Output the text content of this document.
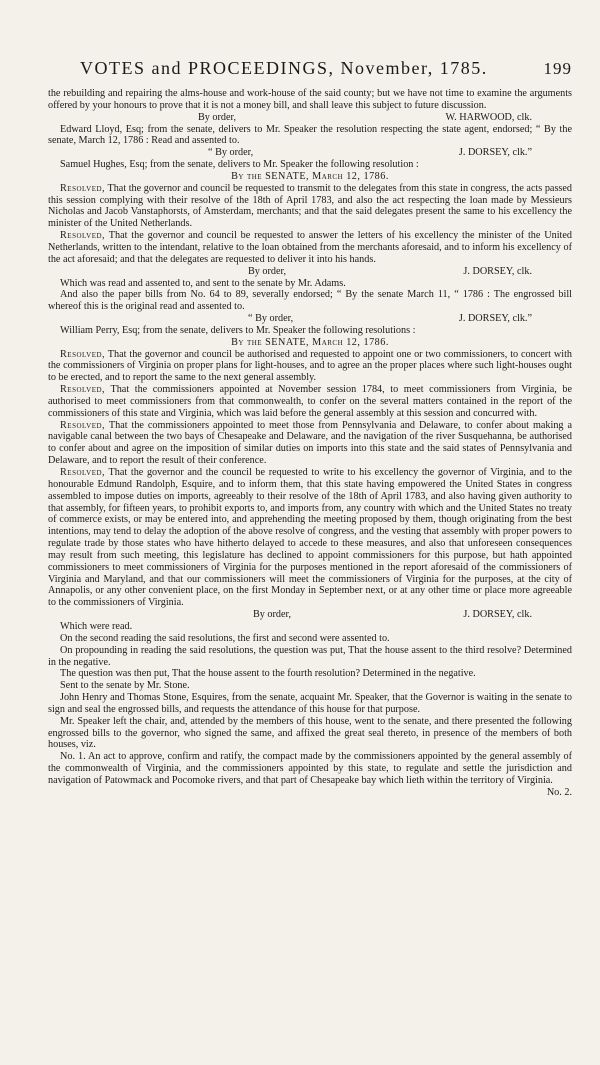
VOTES and PROCEEDINGS, November, 1785.	199

the rebuilding and repairing the alms-house and work-house of the said county; but we have not time to examine the arguments offered by your honours to prove that it is not a money bill, and shall leave this subject to future discussion.

By order,	W. HARWOOD, clk.

Edward Lloyd, Esq; from the senate, delivers to Mr. Speaker the resolution respecting the state agent, endorsed; “ By the senate, March 12, 1786 : Read and assented to.

“ By order,	J. DORSEY, clk.”

Samuel Hughes, Esq; from the senate, delivers to Mr. Speaker the following resolution :

By the SENATE, March 12, 1786.

Resolved, That the governor and council be requested to transmit to the delegates from this state in congress, the acts passed this session complying with their resolve of the 18th of April 1783, and also the act respecting the loan made by Messieurs Nicholas and Jacob Vanstaphorsts, of Amsterdam, merchants; and that the said delegates present the same to his excellency the minister of the United Netherlands.

Resolved, That the governor and council be requested to answer the letters of his excellency the minister of the United Netherlands, written to the intendant, relative to the loan obtained from the merchants aforesaid, and to inform his excellency of the act aforesaid; and that the delegates are requested to deliver it into his hands.

By order,	J. DORSEY, clk.

Which was read and assented to, and sent to the senate by Mr. Adams.

And also the paper bills from No. 64 to 89, severally endorsed; “ By the senate March 11, “ 1786 : The engrossed bill whereof this is the original read and assented to.

“ By order,	J. DORSEY, clk.”

William Perry, Esq; from the senate, delivers to Mr. Speaker the following resolutions :

By the SENATE, March 12, 1786.

Resolved, That the governor and council be authorised and requested to appoint one or two commissioners, to concert with the commissioners of Virginia on proper plans for light-houses, and to agree an the proper places where such light-houses ought to be erected, and to report the same to the next general assembly.

Resolved, That the commissioners appointed at November session 1784, to meet commissioners from Virginia, be authorised to meet commissioners from that commonwealth, to confer on the several matters contained in the report of the commissioners of this state and Virginia, which was laid before the general assembly at this session and concurred with.

Resolved, That the commissioners appointed to meet those from Pennsylvania and Delaware, to confer about making a navigable canal between the two bays of Chesapeake and Delaware, and the navigation of the river Susquehanna, be authorised to confer about and agree on the imposition of similar duties on imports into this state and the said states of Pennsylvania and Delaware, and to report the result of their conference.

Resolved, That the governor and the council be requested to write to his excellency the governor of Virginia, and to the honourable Edmund Randolph, Esquire, and to inform them, that this state having empowered the United States in congress assembled to impose duties on imports, agreeably to their resolve of the 18th of April 1783, and also having given authority to that assembly, for fifteen years, to prohibit exports to, and imports from, any country with which and the United States no treaty of commerce exists, or may be entered into, and apprehending the meeting proposed by them, though originating from the best intentions, may tend to delay the adoption of the above resolve of congress, and the vesting that assembly with proper powers to regulate trade by those states who have hitherto delayed to accede to these measures, and also that unforeseen consequences may result from such meeting, this legislature has declined to appoint commissioners for this purpose, but hath appointed commissioners to meet commissioners of Virginia for the purposes mentioned in the report aforesaid of the commissioners of Virginia and Maryland, and that our commissioners will meet the commissioners of Virginia for the purposes, at the city of Annapolis, or any other convenient place, on the first Monday in September next, or at any other time or place more agreeable to the commissioners of Virginia.

By order,	J. DORSEY, clk.

Which were read.

On the second reading the said resolutions, the first and second were assented to.

On propounding in reading the said resolutions, the question was put, That the house assent to the third resolve? Determined in the negative.

The question was then put, That the house assent to the fourth resolution? Determined in the negative.

Sent to the senate by Mr. Stone.

John Henry and Thomas Stone, Esquires, from the senate, acquaint Mr. Speaker, that the Governor is waiting in the senate to sign and seal the engrossed bills, and requests the attendance of this house for that purpose.

Mr. Speaker left the chair, and, attended by the members of this house, went to the senate, and there presented the following engrossed bills to the governor, who signed the same, and affixed the great seal thereto, in presence of the members of both houses, viz.

No. 1. An act to approve, confirm and ratify, the compact made by the commissioners appointed by the general assembly of the commonwealth of Virginia, and the commissioners appointed by this state, to regulate and settle the jurisdiction and navigation of Patowmack and Pocomoke rivers, and that part of Chesapeake bay which lieth within the territory of Virginia.

No. 2.
